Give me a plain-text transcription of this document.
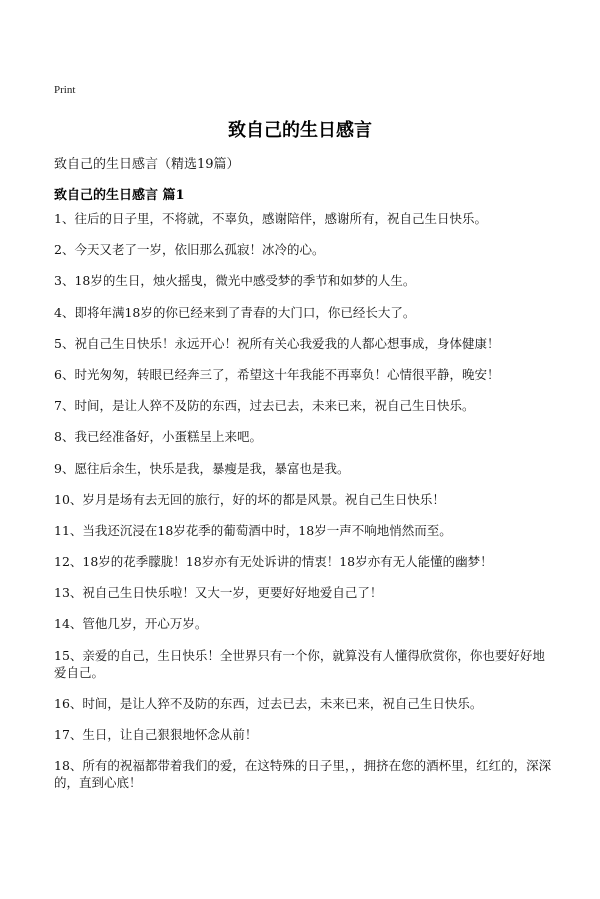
Print
致自己的生日感言
致自己的生日感言（精选19篇）
致自己的生日感言 篇1
1、往后的日子里，不将就，不辜负，感谢陪伴，感谢所有，祝自己生日快乐。
2、今天又老了一岁，依旧那么孤寂！冰冷的心。
3、18岁的生日，烛火摇曳，微光中感受梦的季节和如梦的人生。
4、即将年满18岁的你已经来到了青春的大门口，你已经长大了。
5、祝自己生日快乐！永远开心！祝所有关心我爱我的人都心想事成，身体健康！
6、时光匆匆，转眼已经奔三了，希望这十年我能不再辜负！心情很平静，晚安！
7、时间，是让人猝不及防的东西，过去已去，未来已来，祝自己生日快乐。
8、我已经准备好，小蛋糕呈上来吧。
9、愿往后余生，快乐是我，暴瘦是我，暴富也是我。
10、岁月是场有去无回的旅行，好的坏的都是风景。祝自己生日快乐！
11、当我还沉浸在18岁花季的葡萄酒中时，18岁一声不响地悄然而至。
12、18岁的花季朦胧！18岁亦有无处诉讲的情衷！18岁亦有无人能懂的幽梦！
13、祝自己生日快乐啦！又大一岁，更要好好地爱自己了！
14、管他几岁，开心万岁。
15、亲爱的自己，生日快乐！全世界只有一个你，就算没有人懂得欣赏你，你也要好好地爱自己。
16、时间，是让人猝不及防的东西，过去已去，未来已来，祝自己生日快乐。
17、生日，让自己狠狠地怀念从前！
18、所有的祝福都带着我们的爱，在这特殊的日子里，，拥挤在您的酒杯里，红红的，深深的，直到心底！
